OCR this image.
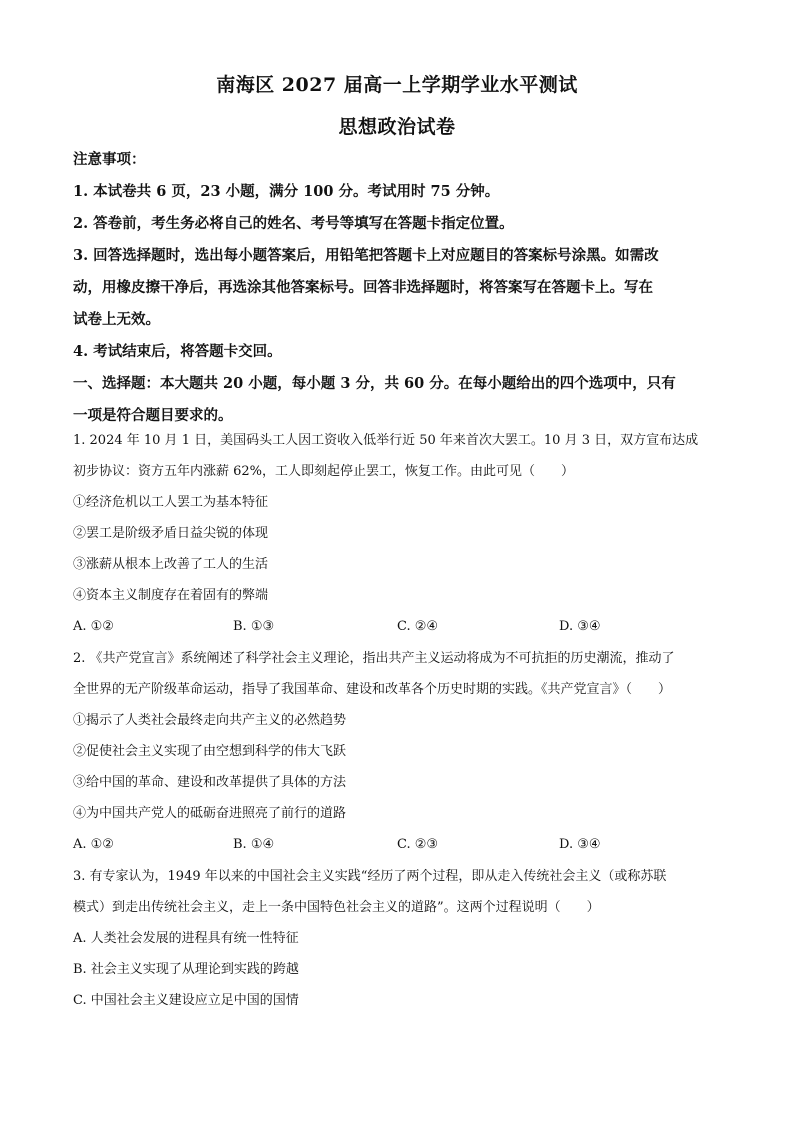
南海区 2027 届高一上学期学业水平测试
思想政治试卷
注意事项：
1. 本试卷共 6 页，23 小题，满分 100 分。考试用时 75 分钟。
2. 答卷前，考生务必将自己的姓名、考号等填写在答题卡指定位置。
3. 回答选择题时，选出每小题答案后，用铅笔把答题卡上对应题目的答案标号涂黑。如需改
动，用橡皮擦干净后，再选涂其他答案标号。回答非选择题时，将答案写在答题卡上。写在
试卷上无效。
4. 考试结束后，将答题卡交回。
一、选择题：本大题共 20 小题，每小题 3 分，共 60 分。在每小题给出的四个选项中，只有
一项是符合题目要求的。
1. 2024 年 10 月 1 日，美国码头工人因工资收入低举行近 50 年来首次大罢工。10 月 3 日，双方宣布达成
初步协议：资方五年内涨薪 62%，工人即刻起停止罢工，恢复工作。由此可见（　　）
①经济危机以工人罢工为基本特征
②罢工是阶级矛盾日益尖锐的体现
③涨薪从根本上改善了工人的生活
④资本主义制度存在着固有的弊端
A. ①②	B. ①③	C. ②④	D. ③④
2. 《共产党宣言》系统阐述了科学社会主义理论，指出共产主义运动将成为不可抗拒的历史潮流，推动了
全世界的无产阶级革命运动，指导了我国革命、建设和改革各个历史时期的实践。《共产党宣言》（　　）
①揭示了人类社会最终走向共产主义的必然趋势
②促使社会主义实现了由空想到科学的伟大飞跃
③给中国的革命、建设和改革提供了具体的方法
④为中国共产党人的砥砺奋进照亮了前行的道路
A. ①②	B. ①④	C. ②③	D. ③④
3. 有专家认为，1949 年以来的中国社会主义实践“经历了两个过程，即从走入传统社会主义（或称苏联
模式）到走出传统社会主义，走上一条中国特色社会主义的道路”。这两个过程说明（　　）
A. 人类社会发展的进程具有统一性特征
B. 社会主义实现了从理论到实践的跨越
C. 中国社会主义建设应立足中国的国情
